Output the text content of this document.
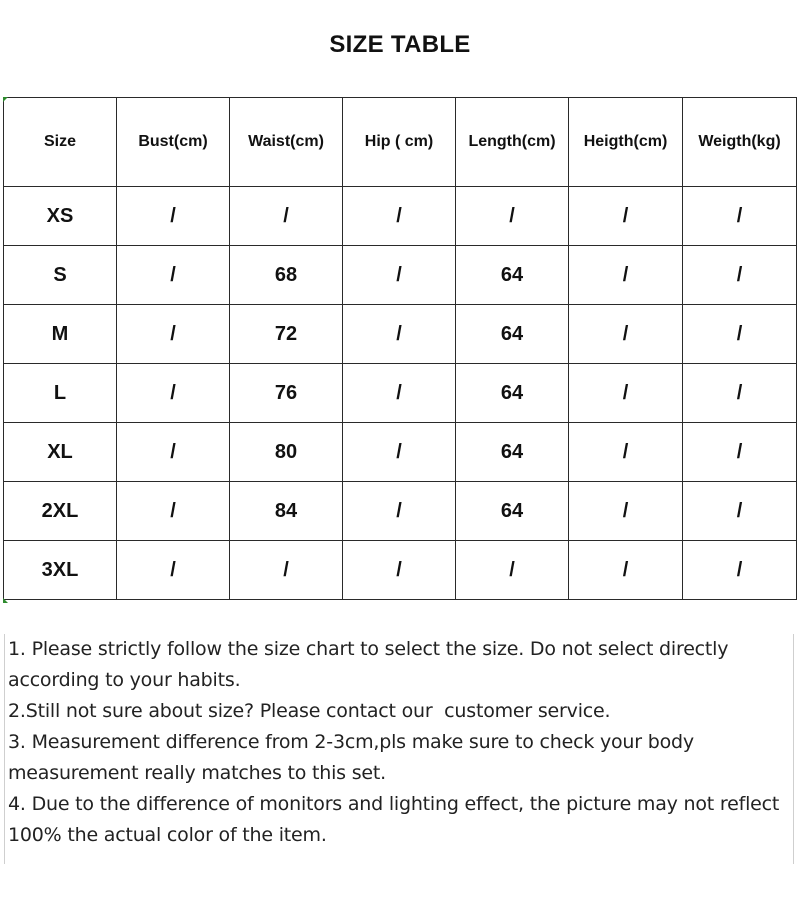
SIZE TABLE
Size	Bust(cm)	Waist(cm)	Hip ( cm)	Length(cm)	Heigth(cm)	Weigth(kg)
XS	/	/	/	/	/	/
S	/	68	/	64	/	/
M	/	72	/	64	/	/
L	/	76	/	64	/	/
XL	/	80	/	64	/	/
2XL	/	84	/	64	/	/
3XL	/	/	/	/	/	/

1. Please strictly follow the size chart to select the size. Do not select directly according to your habits.

2.Still not sure about size? Please contact our  customer service.

3. Measurement difference from 2-3cm,pls make sure to check your body measurement really matches to this set.

4. Due to the difference of monitors and lighting effect, the picture may not reflect 100% the actual color of the item.
